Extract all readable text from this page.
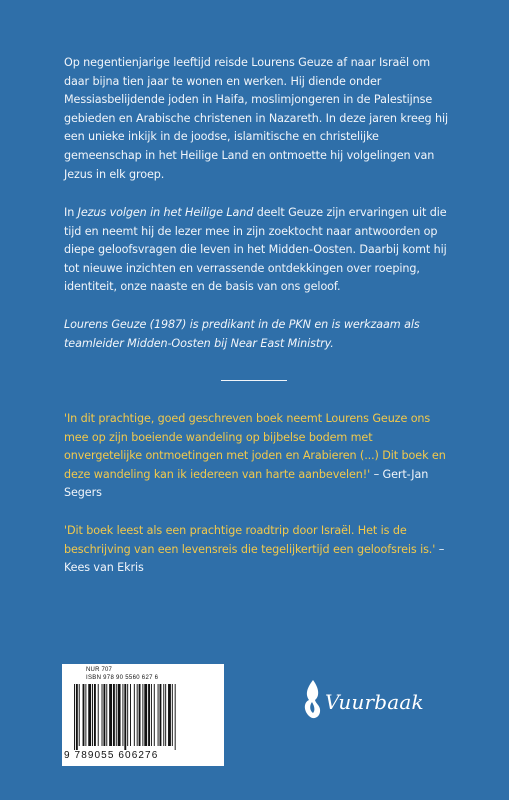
Op negentienjarige leeftijd reisde Lourens Geuze af naar Israël om daar bijna tien jaar te wonen en werken. Hij diende onder Messiasbelijdende joden in Haifa, moslimjongeren in de Palestijnse gebieden en Arabische christenen in Nazareth. In deze jaren kreeg hij een unieke inkijk in de joodse, islamitische en christelijke gemeenschap in het Heilige Land en ontmoette hij volgelingen van Jezus in elk groep.

In Jezus volgen in het Heilige Land deelt Geuze zijn ervaringen uit die tijd en neemt hij de lezer mee in zijn zoektocht naar antwoorden op diepe geloofsvragen die leven in het Midden-Oosten. Daarbij komt hij tot nieuwe inzichten en verrassende ontdekkingen over roeping, identiteit, onze naaste en de basis van ons geloof.

Lourens Geuze (1987) is predikant in de PKN en is werkzaam als teamleider Midden-Oosten bij Near East Ministry.

'In dit prachtige, goed geschreven boek neemt Lourens Geuze ons mee op zijn boeiende wandeling op bijbelse bodem met onvergetelijke ontmoetingen met joden en Arabieren (...) Dit boek en deze wandeling kan ik iedereen van harte aanbevelen!' – Gert-Jan Segers

'Dit boek leest als een prachtige roadtrip door Israël. Het is de beschrijving van een levensreis die tegelijkertijd een geloofsreis is.' – Kees van Ekris

NUR 707
ISBN 978 90 5560 627 6
9 789055 606276
Vuurbaak
